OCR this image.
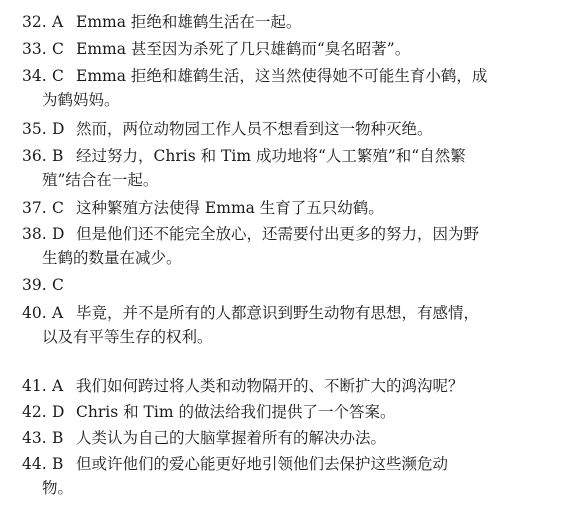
32. A Emma 拒绝和雄鹤生活在一起。
33. C Emma 甚至因为杀死了几只雄鹤而“臭名昭著”。
34. C Emma 拒绝和雄鹤生活，这当然使得她不可能生育小鹤，成
为鹤妈妈。
35. D 然而，两位动物园工作人员不想看到这一物种灭绝。
36. B 经过努力，Chris 和 Tim 成功地将“人工繁殖”和“自然繁
殖”结合在一起。
37. C 这种繁殖方法使得 Emma 生育了五只幼鹤。
38. D 但是他们还不能完全放心，还需要付出更多的努力，因为野
生鹤的数量在减少。
39. C
40. A 毕竟，并不是所有的人都意识到野生动物有思想，有感情，
以及有平等生存的权利。
41. A 我们如何跨过将人类和动物隔开的、不断扩大的鸿沟呢？
42. D Chris 和 Tim 的做法给我们提供了一个答案。
43. B 人类认为自己的大脑掌握着所有的解决办法。
44. B 但或许他们的爱心能更好地引领他们去保护这些濒危动
物。
